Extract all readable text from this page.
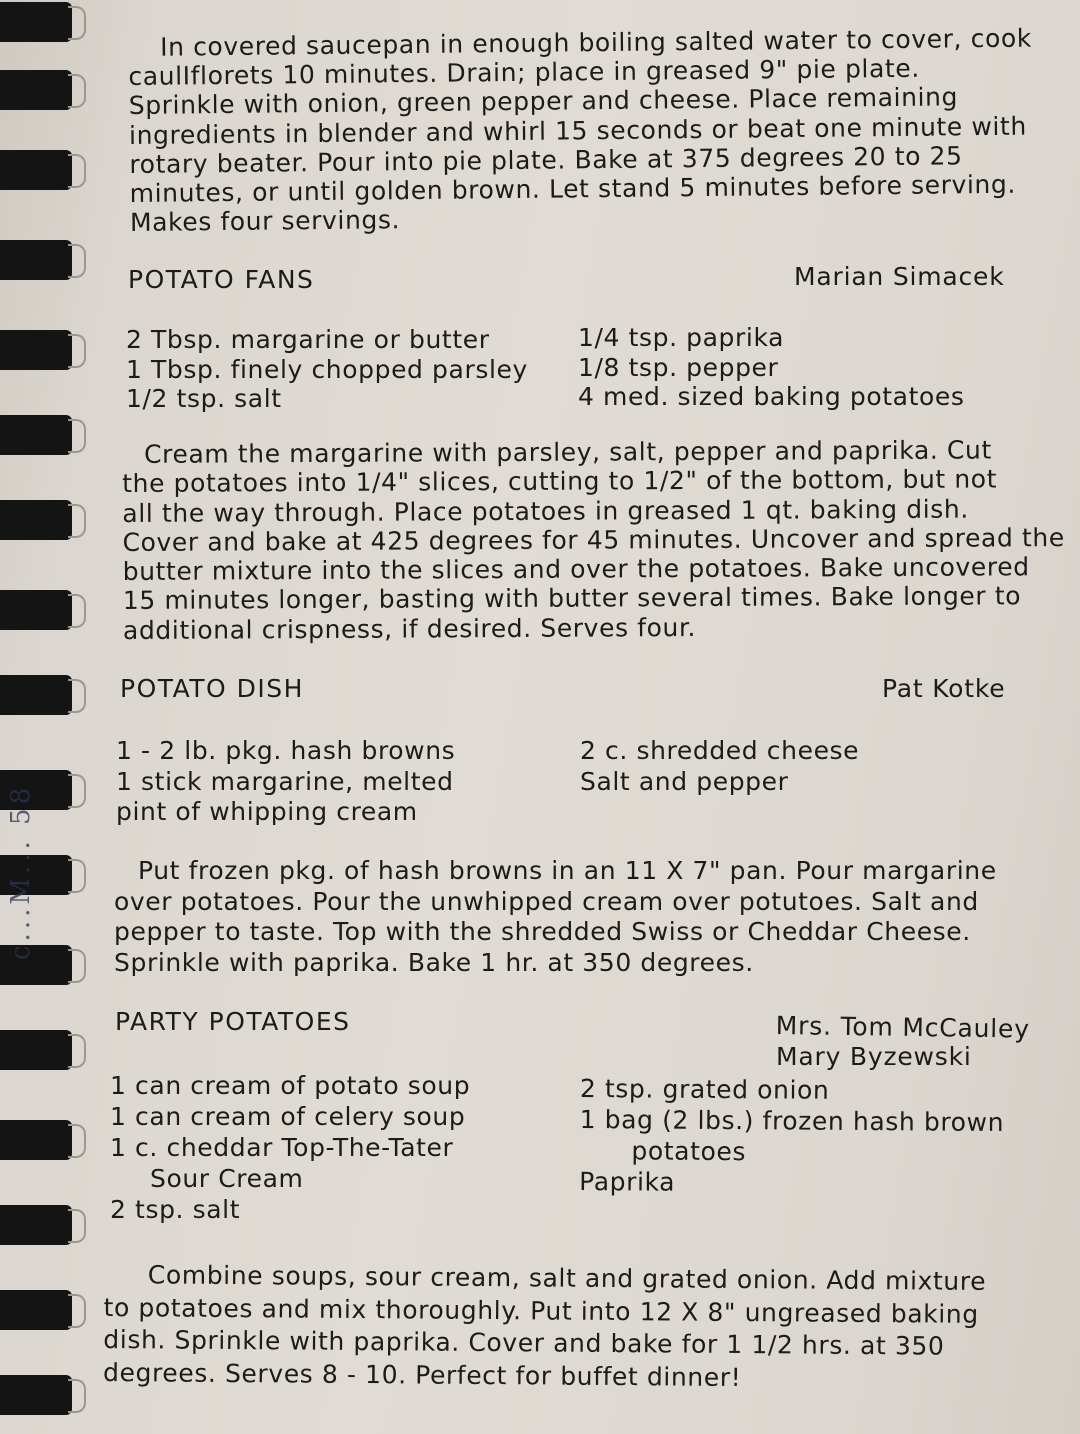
c...M... 58
In covered saucepan in enough boiling salted water to cover, cook
caulIflorets 10 minutes. Drain; place in greased 9" pie plate.
Sprinkle with onion, green pepper and cheese. Place remaining
ingredients in blender and whirl 15 seconds or beat one minute with
rotary beater. Pour into pie plate. Bake at 375 degrees 20 to 25
minutes, or until golden brown. Let stand 5 minutes before serving.
Makes four servings.
POTATO FANS	Marian Simacek
2 Tbsp. margarine or butter
1 Tbsp. finely chopped parsley
1/2 tsp. salt
1/4 tsp. paprika
1/8 tsp. pepper
4 med. sized baking potatoes
Cream the margarine with parsley, salt, pepper and paprika. Cut
the potatoes into 1/4" slices, cutting to 1/2" of the bottom, but not
all the way through. Place potatoes in greased 1 qt. baking dish.
Cover and bake at 425 degrees for 45 minutes. Uncover and spread the
butter mixture into the slices and over the potatoes. Bake uncovered
15 minutes longer, basting with butter several times. Bake longer to
additional crispness, if desired. Serves four.
POTATO DISH	Pat Kotke
1 - 2 lb. pkg. hash browns
1 stick margarine, melted
pint of whipping cream
2 c. shredded cheese
Salt and pepper
Put frozen pkg. of hash browns in an 11 X 7" pan. Pour margarine
over potatoes. Pour the unwhipped cream over potutoes. Salt and
pepper to taste. Top with the shredded Swiss or Cheddar Cheese.
Sprinkle with paprika. Bake 1 hr. at 350 degrees.
PARTY POTATOES	Mrs. Tom McCauley
Mary Byzewski
1 can cream of potato soup
1 can cream of celery soup
1 c. cheddar Top-The-Tater
Sour Cream
2 tsp. salt
2 tsp. grated onion
1 bag (2 lbs.) frozen hash brown
potatoes
Paprika
Combine soups, sour cream, salt and grated onion. Add mixture
to potatoes and mix thoroughly. Put into 12 X 8" ungreased baking
dish. Sprinkle with paprika. Cover and bake for 1 1/2 hrs. at 350
degrees. Serves 8 - 10. Perfect for buffet dinner!
